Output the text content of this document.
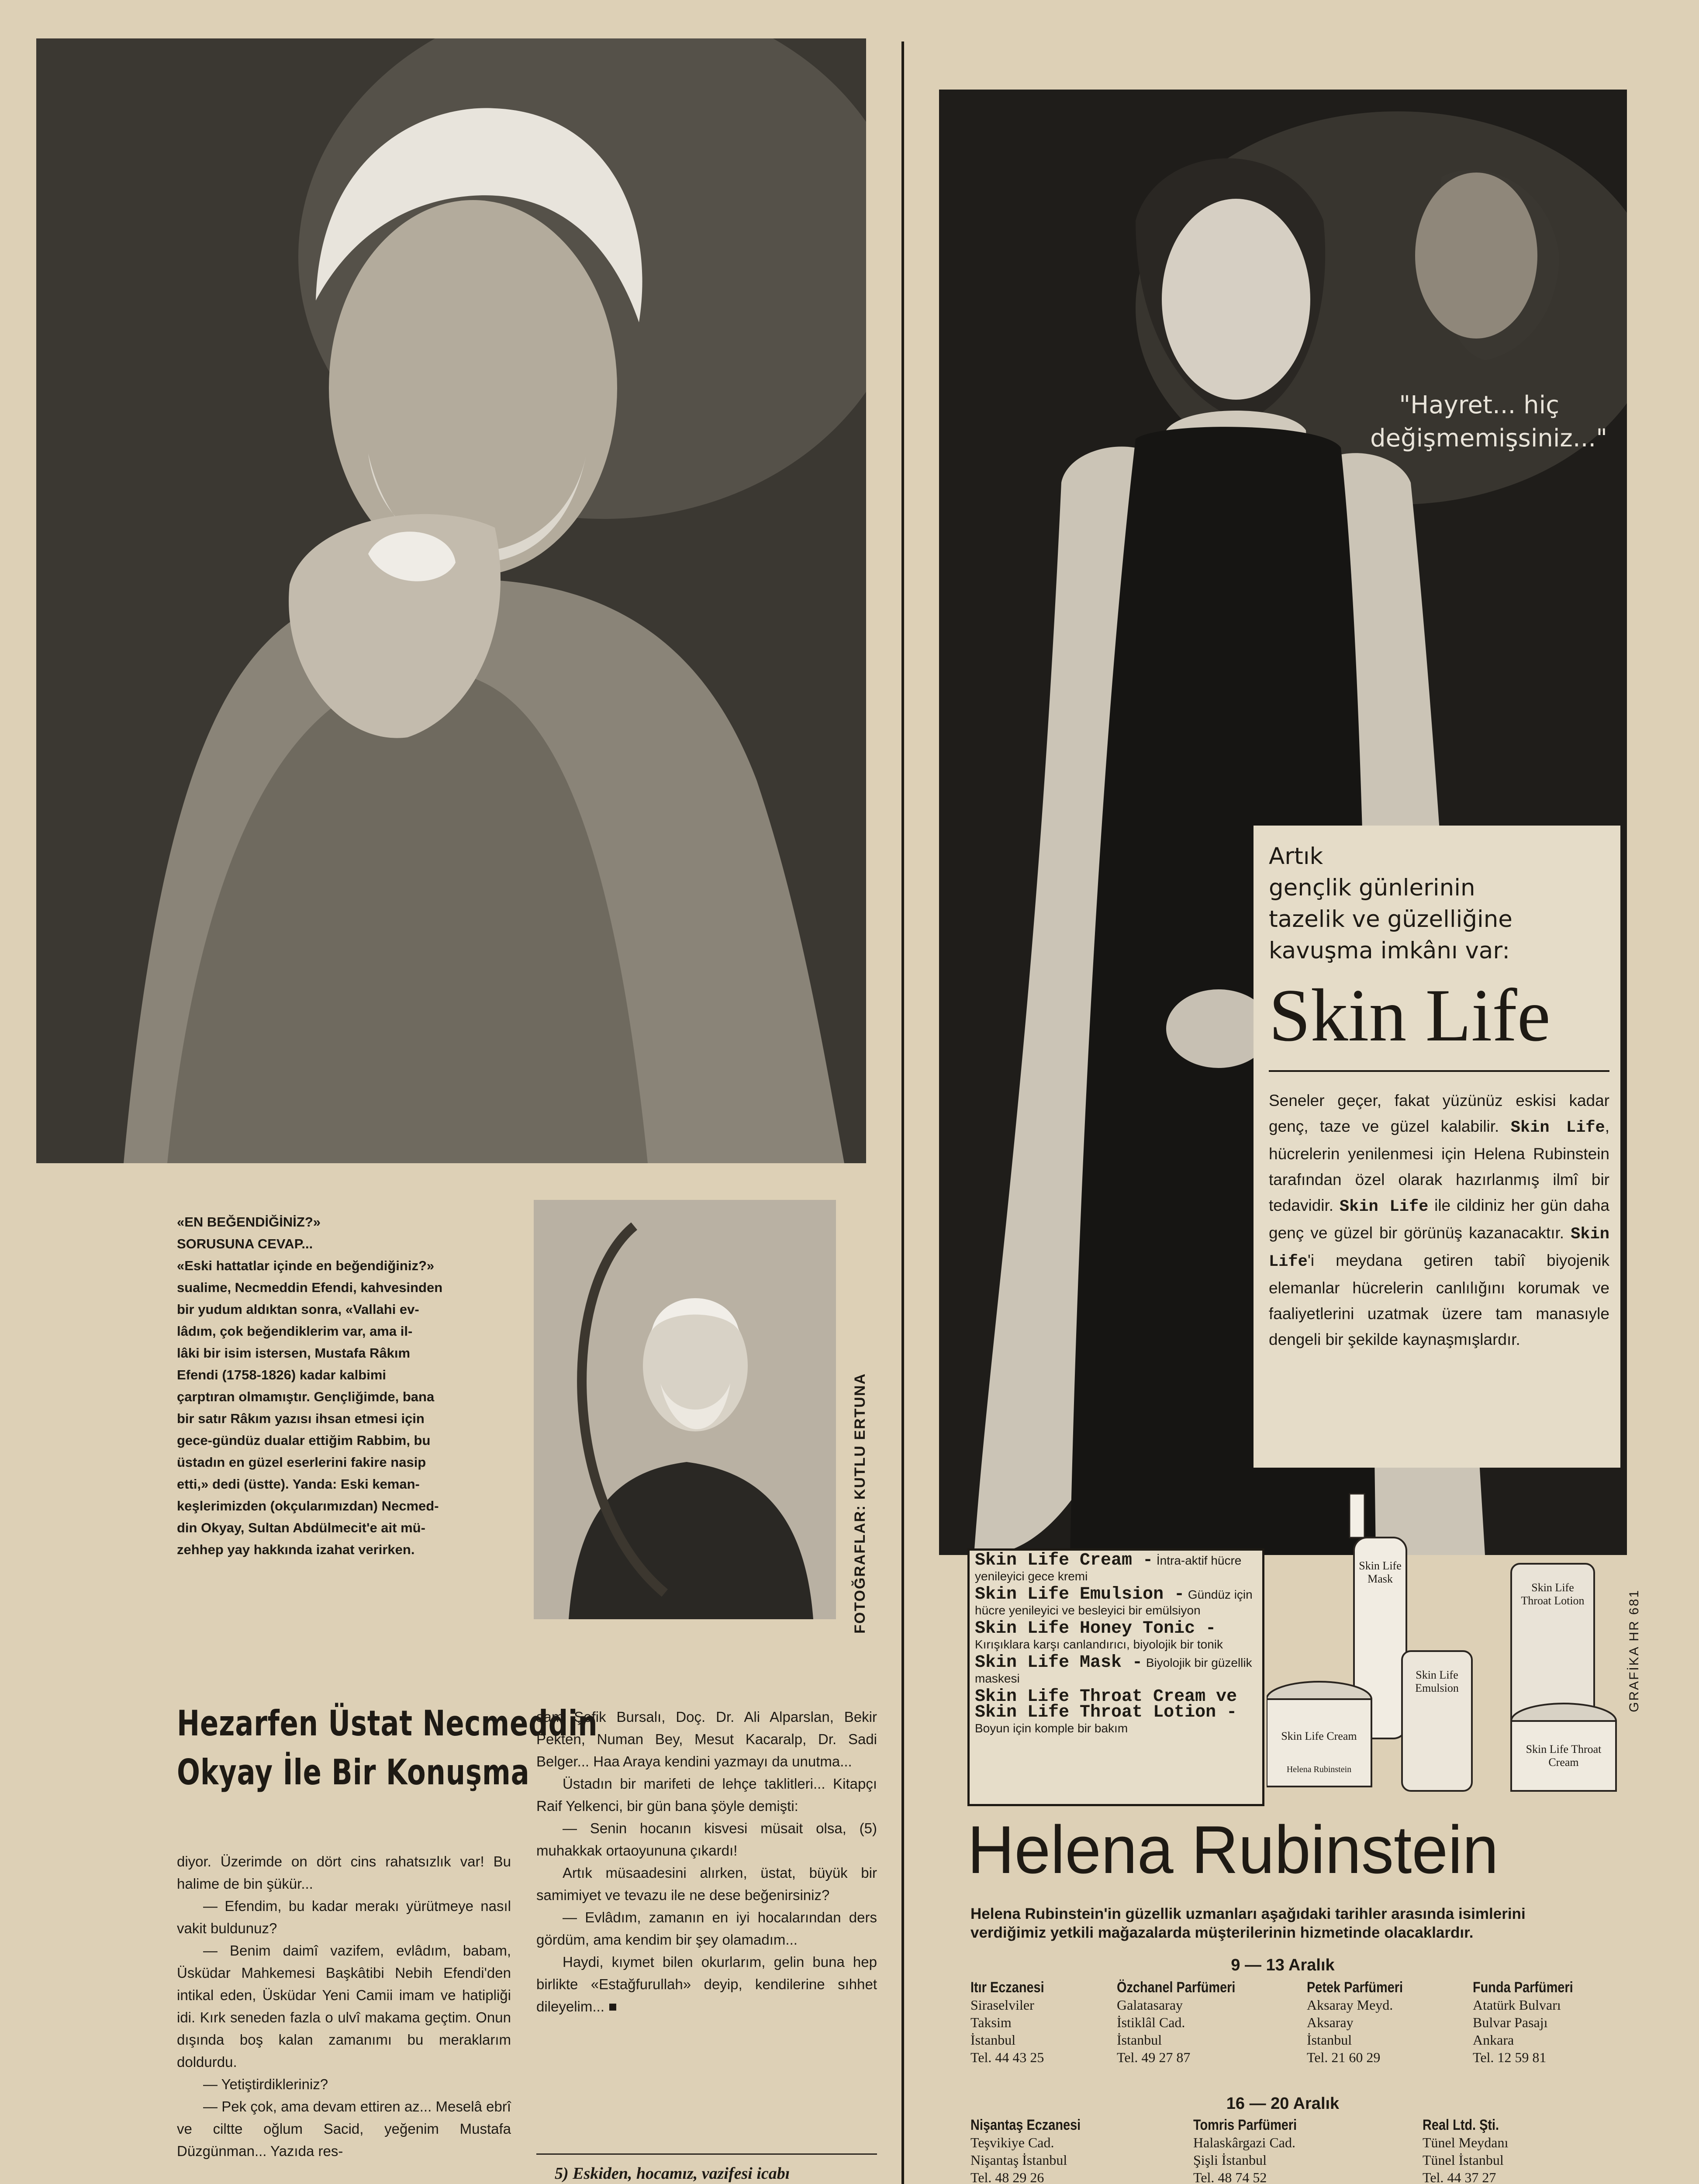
FOTOĞRAFLAR: KUTLU ERTUNA

«EN BEĞENDİĞİNİZ?»

SORUSUNA CEVAP...

«Eski hattatlar içinde en beğendiğiniz?»

sualime, Necmeddin Efendi, kahvesinden

bir yudum aldıktan sonra, «Vallahi ev-

lâdım, çok beğendiklerim var, ama il-

lâki bir isim istersen, Mustafa Râkım

Efendi (1758-1826) kadar kalbimi

çarptıran olmamıştır. Gençliğimde, bana

bir satır Râkım yazısı ihsan etmesi için

gece-gündüz dualar ettiğim Rabbim, bu

üstadın en güzel eserlerini fakire nasip

etti,» dedi (üstte). Yanda: Eski keman-

keşlerimizden (okçularımızdan) Necmed-

din Okyay, Sultan Abdülmecit'e ait mü-

zehhep yay hakkında izahat verirken.

Hezarfen Üstat Necmeddin
Okyay İle Bir Konuşma

diyor. Üzerimde on dört cins rahatsızlık var! Bu halime de bin şükür...

— Efendim, bu kadar merakı yürütmeye nasıl vakit buldunuz?

— Benim daimî vazifem, evlâdım, babam, Üsküdar Mahkemesi Başkâtibi Nebih Efendi'den intikal eden, Üsküdar Yeni Camii imam ve hatipliği idi. Kırk seneden fazla o ulvî makama geçtim. Onun dışında boş kalan zamanımı bu meraklarım doldurdu.

— Yetiştirdikleriniz?

— Pek çok, ama devam ettiren az... Meselâ ebrî ve ciltte oğlum Sacid, yeğenim Mustafa Düzgünman... Yazıda res-

sam Şefik Bursalı, Doç. Dr. Ali Alparslan, Bekir Pekten, Numan Bey, Mesut Kacaralp, Dr. Sadi Belger... Haa Araya kendini yazmayı da unutma...

Üstadın bir marifeti de lehçe taklitleri... Kitapçı Raif Yelkenci, bir gün bana şöyle demişti:

— Senin hocanın kisvesi müsait olsa, (5) muhakkak ortaoyununa çıkardı!

Artık müsaadesini alırken, üstat, büyük bir samimiyet ve tevazu ile ne dese beğenirsiniz?

— Evlâdım, zamanın en iyi hocalarından ders gördüm, ama kendim bir şey olamadım...

Haydi, kıymet bilen okurlarım, gelin buna hep birlikte «Estağfurullah» deyip, kendilerine sıhhet dileyelim... ■

5) Eskiden, hocamız, vazifesi icabı
"Hayret... hiç
değişmemişsiniz..."
Artık
gençlik günlerinin
tazelik ve güzelliğine
kavuşma imkânı var:
Skin Life
Seneler geçer, fakat yüzünüz eskisi kadar genç, taze ve güzel kalabilir. Skin Life, hücrelerin yenilenmesi için Helena Rubinstein tarafından özel olarak hazırlanmış ilmî bir tedavidir. Skin Life ile cildiniz her gün daha genç ve güzel bir görünüş kazanacaktır. Skin Life'i meydana getiren tabiî biyojenik elemanlar hücrelerin canlılığını korumak ve faaliyetlerini uzatmak üzere tam manasıyle dengeli bir şekilde kaynaşmışlardır.
Skin Life Cream - İntra-aktif hücre yenileyici gece kremi
Skin Life Emulsion - Gündüz için hücre yenileyici ve besleyici bir emülsiyon
Skin Life Honey Tonic - Kırışıklara karşı canlandırıcı, biyolojik bir tonik
Skin Life Mask - Biyolojik bir güzellik maskesi
Skin Life Throat Cream ve Skin Life Throat Lotion - Boyun için komple bir bakım
Skin Life Mask
Skin Life Throat Lotion
Skin Life Emulsion
Skin Life Cream
Skin Life Throat Cream
Helena Rubinstein
GRAFİKA HR 681
Helena Rubinstein
Helena Rubinstein'in güzellik uzmanları aşağıdaki tarihler arasında isimlerini verdiğimiz yetkili mağazalarda müşterilerinin hizmetinde olacaklardır.
9 — 13 Aralık
Itır Eczanesi
Siraselviler
Taksim
İstanbul
Tel. 44 43 25
Özchanel Parfümeri
Galatasaray
İstiklâl Cad.
İstanbul
Tel. 49 27 87
Petek Parfümeri
Aksaray Meyd.
Aksaray
İstanbul
Tel. 21 60 29
Funda Parfümeri
Atatürk Bulvarı
Bulvar Pasajı
Ankara
Tel. 12 59 81
16 — 20 Aralık
Nişantaş Eczanesi
Teşvikiye Cad.
Nişantaş İstanbul
Tel. 48 29 26
Tomris Parfümeri
Halaskârgazi Cad.
Şişli İstanbul
Tel. 48 74 52
Real Ltd. Şti.
Tünel Meydanı
Tünel İstanbul
Tel. 44 37 27
